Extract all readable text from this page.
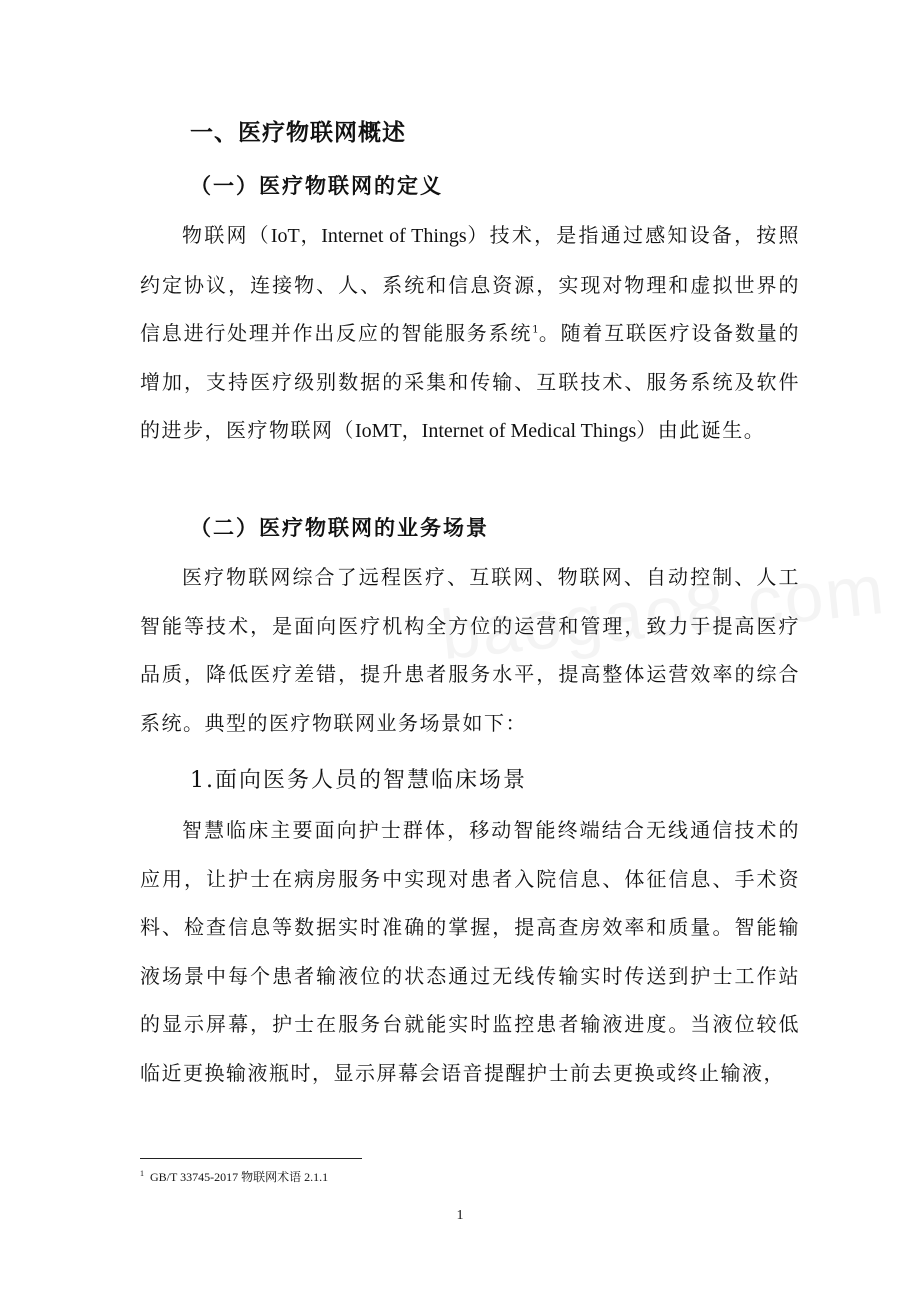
一、医疗物联网概述
（一）医疗物联网的定义
物联网（IoT，Internet of Things）技术，是指通过感知设备，按照约定协议，连接物、人、系统和信息资源，实现对物理和虚拟世界的信息进行处理并作出反应的智能服务系统$^1$。随着互联医疗设备数量的增加，支持医疗级别数据的采集和传输、互联技术、服务系统及软件的进步，医疗物联网（IoMT，Internet of Medical Things）由此诞生。
（二）医疗物联网的业务场景
医疗物联网综合了远程医疗、互联网、物联网、自动控制、人工智能等技术，是面向医疗机构全方位的运营和管理，致力于提高医疗品质，降低医疗差错，提升患者服务水平，提高整体运营效率的综合系统。典型的医疗物联网业务场景如下：
1.面向医务人员的智慧临床场景
智慧临床主要面向护士群体，移动智能终端结合无线通信技术的 应用，让护士在病房服务中实现对患者入院信息、体征信息、手术资料、检查信息等数据实时准确的掌握，提高查房效率和质量。智能输液场景中每个患者输液位的状态通过无线传输实时传送到护士工作站的显示屏幕，护士在服务台就能实时监控患者输液进度。当液位较低临近更换输液瓶时，显示屏幕会语音提醒护士前去更换或终止输液，
$^1$ GB/T 33745-2017 物联网术语 2.1.1
1
